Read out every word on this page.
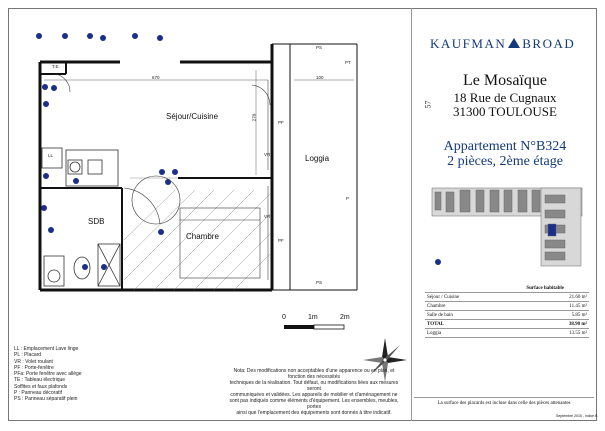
Séjour/Cuisine
Loggia
SDB
Chambre
T.E.
LL
PF
PF
VR
VR
PT
P
PS
PS
670
270
100
0	1m	2m
LL : Emplacement Lave linge
PL : Placard
VR : Volet roulant
PF : Porte-fenêtre
PFa: Porte fenêtre avec allège
TE : Tableau électrique
Soffites et faux plafonds
P : Panneau décoratif
PS : Panneau séparatif plein
Nota: Des modifications non acceptables d'une apparence ou en plan, et fonction des nécessités
techniques de la réalisation. Tout défaut, ou modifications liées aux mesures seront
communiquées et validées. Les appareils de mobilier et d'aménagement ne
sont pas indiqués comme éléments d'équipement. Les ensembles, meubles, portes
ainsi que l'emplacement des équipements sont donnés à titre indicatif.
KAUFMAN BROAD
57
Le Mosaïque
18 Rue de Cugnaux
31300 TOULOUSE
Appartement N°B324
2 pièces, 2ème étage
	Surface habitable
Séjour / Cuisine	21.60 m²
Chambre	11.45 m²
Salle de bain	5.85 m²
TOTAL	38.90 m²
Loggia	13.55 m²
La surface des placards est incluse dans celle des pièces attenantes
Septembre 2015 - indice B
